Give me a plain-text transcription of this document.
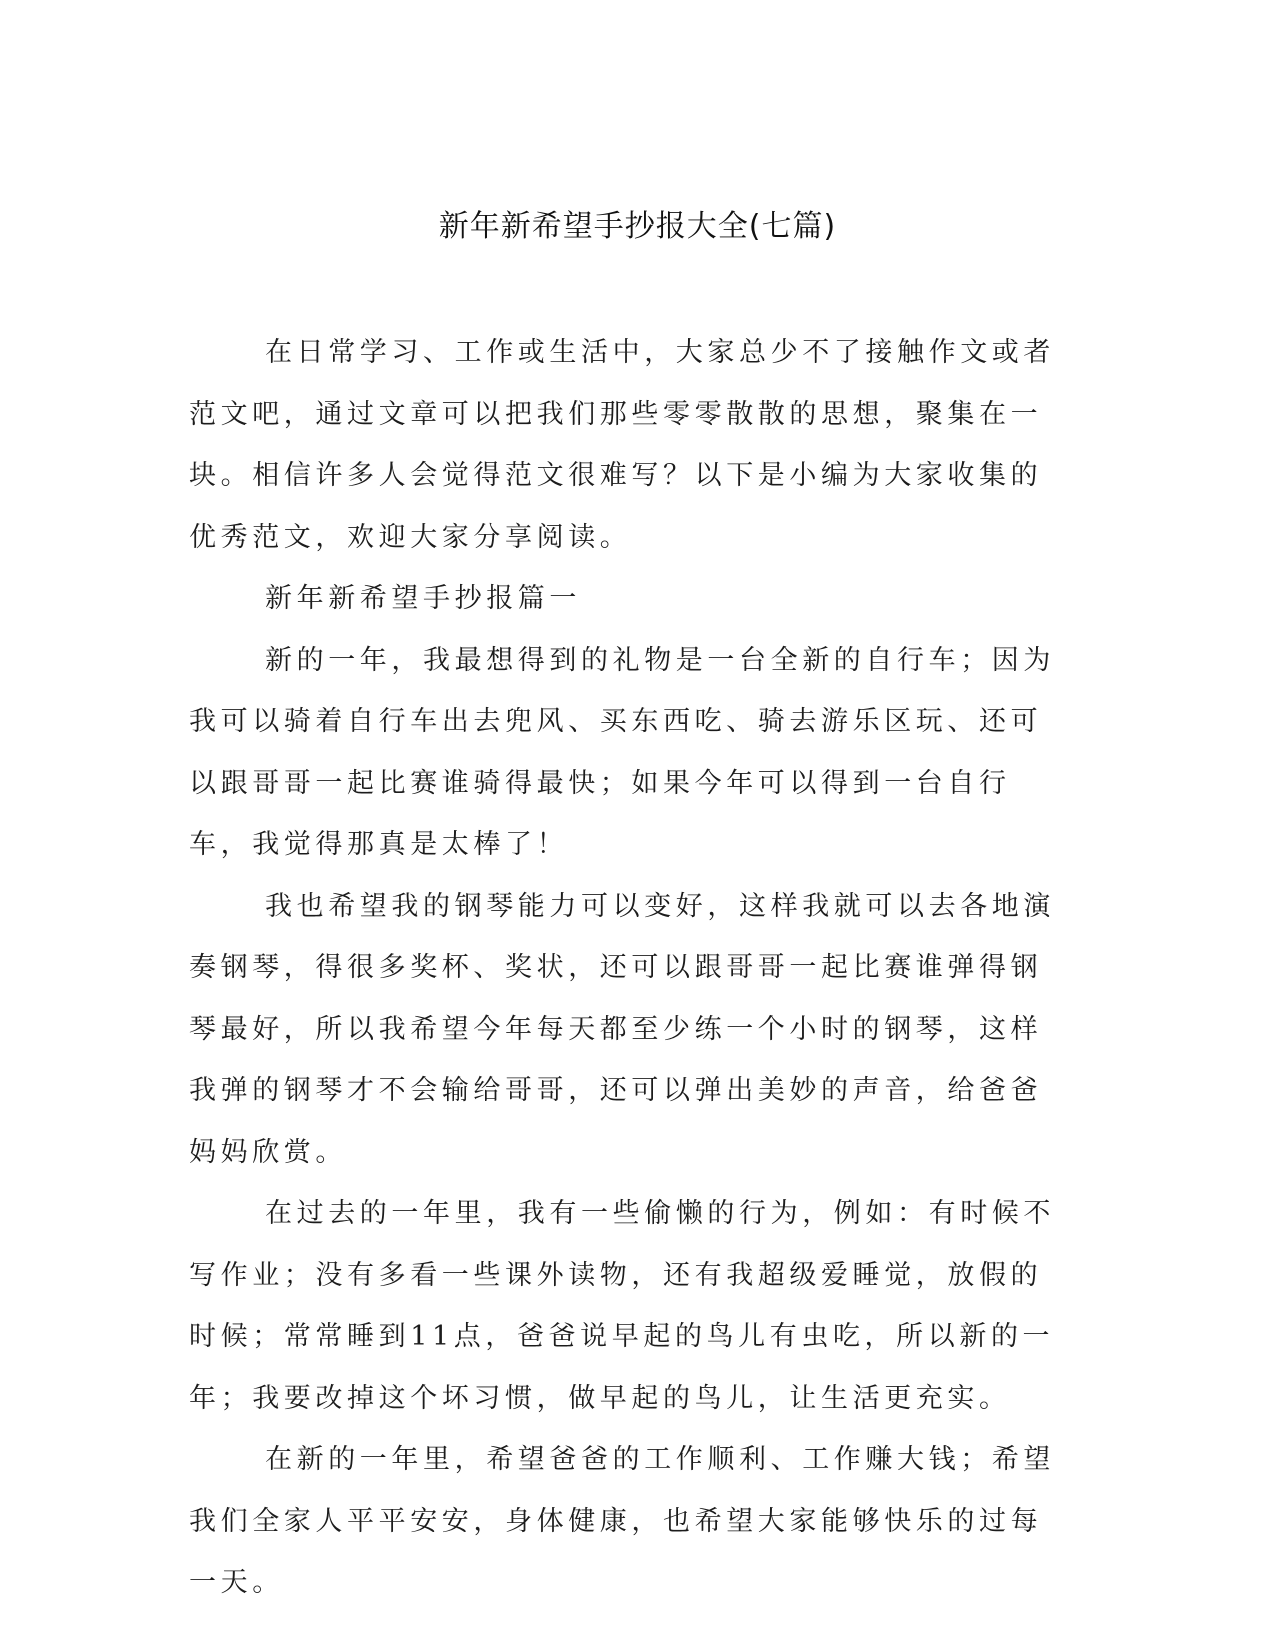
新年新希望手抄报大全(七篇)

在日常学习、工作或生活中，大家总少不了接触作文或者范文吧，通过文章可以把我们那些零零散散的思想，聚集在一块。相信许多人会觉得范文很难写？以下是小编为大家收集的优秀范文，欢迎大家分享阅读。

新年新希望手抄报篇一

新的一年，我最想得到的礼物是一台全新的自行车；因为我可以骑着自行车出去兜风、买东西吃、骑去游乐区玩、还可以跟哥哥一起比赛谁骑得最快；如果今年可以得到一台自行车，我觉得那真是太棒了！

我也希望我的钢琴能力可以变好，这样我就可以去各地演奏钢琴，得很多奖杯、奖状，还可以跟哥哥一起比赛谁弹得钢琴最好，所以我希望今年每天都至少练一个小时的钢琴，这样我弹的钢琴才不会输给哥哥，还可以弹出美妙的声音，给爸爸妈妈欣赏。

在过去的一年里，我有一些偷懒的行为，例如：有时候不写作业；没有多看一些课外读物，还有我超级爱睡觉，放假的时候；常常睡到11点，爸爸说早起的鸟儿有虫吃，所以新的一年；我要改掉这个坏习惯，做早起的鸟儿，让生活更充实。

在新的一年里，希望爸爸的工作顺利、工作赚大钱；希望我们全家人平平安安，身体健康，也希望大家能够快乐的过每一天。
